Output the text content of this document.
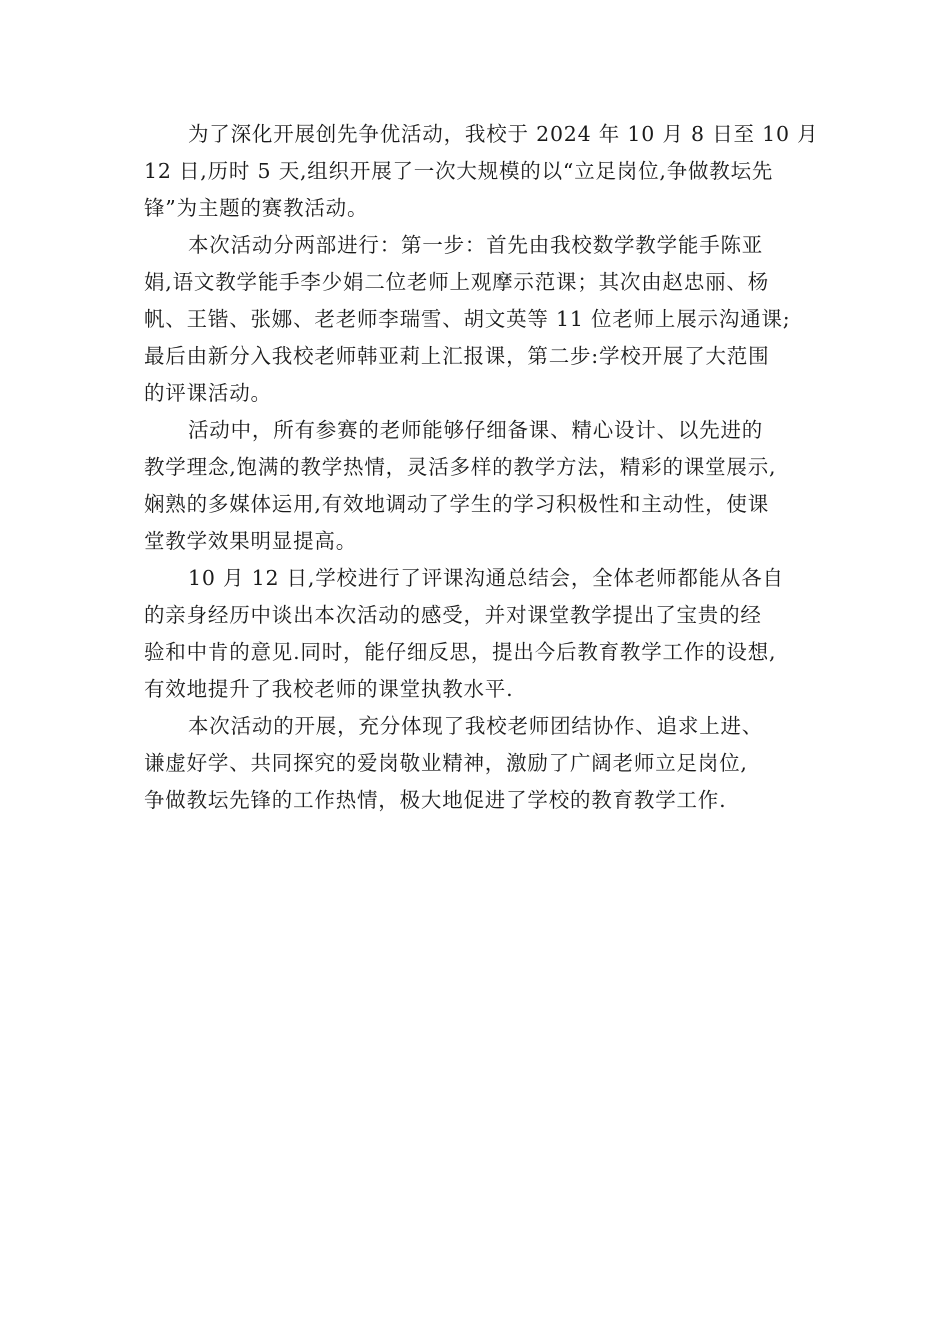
为了深化开展创先争优活动，我校于 2024 年 10 月 8 日至 10 月
12 日,历时 5 天,组织开展了一次大规模的以“立足岗位,争做教坛先
锋”为主题的赛教活动。
本次活动分两部进行：第一步：首先由我校数学教学能手陈亚
娟,语文教学能手李少娟二位老师上观摩示范课；其次由赵忠丽、杨
帆、王锴、张娜、老老师李瑞雪、胡文英等 11 位老师上展示沟通课;
最后由新分入我校老师韩亚莉上汇报课，第二步:学校开展了大范围
的评课活动。
活动中，所有参赛的老师能够仔细备课、精心设计、以先进的
教学理念,饱满的教学热情，灵活多样的教学方法，精彩的课堂展示,
娴熟的多媒体运用,有效地调动了学生的学习积极性和主动性，使课
堂教学效果明显提高。
10 月 12 日,学校进行了评课沟通总结会，全体老师都能从各自
的亲身经历中谈出本次活动的感受，并对课堂教学提出了宝贵的经
验和中肯的意见.同时，能仔细反思，提出今后教育教学工作的设想,
有效地提升了我校老师的课堂执教水平.
本次活动的开展，充分体现了我校老师团结协作、追求上进、
谦虚好学、共同探究的爱岗敬业精神，激励了广阔老师立足岗位,
争做教坛先锋的工作热情，极大地促进了学校的教育教学工作.
